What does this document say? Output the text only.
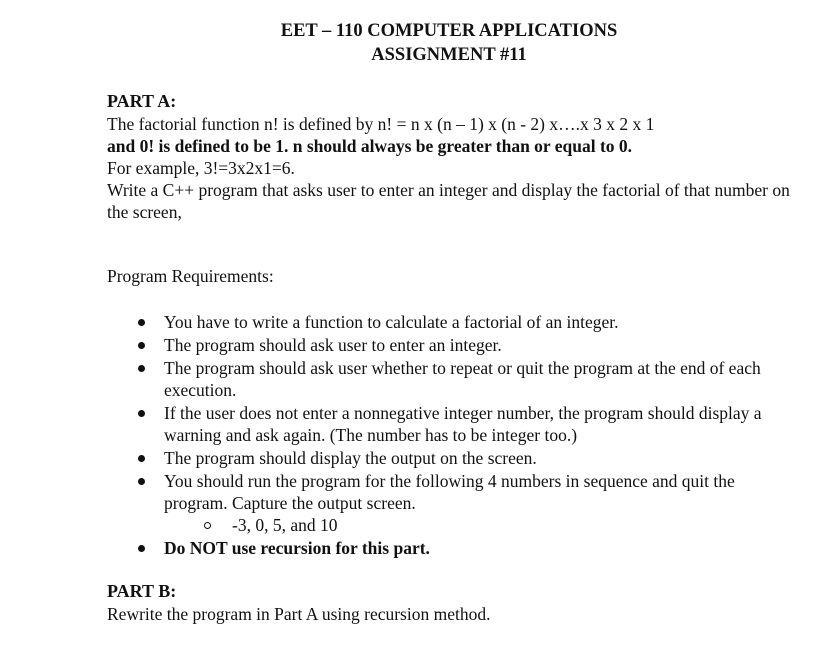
EET – 110 COMPUTER APPLICATIONS
ASSIGNMENT #11
PART A:

The factorial function n! is defined by n! = n x (n – 1) x (n - 2) x….x 3 x 2 x 1

and 0! is defined to be 1. n should always be greater than or equal to 0.

For example, 3!=3x2x1=6.

Write a C++ program that asks user to enter an integer and display the factorial of that number on the screen,

Program Requirements:
You have to write a function to calculate a factorial of an integer.
The program should ask user to enter an integer.
The program should ask user whether to repeat or quit the program at the end of each execution.
If the user does not enter a nonnegative integer number, the program should display a warning and ask again. (The number has to be integer too.)
The program should display the output on the screen.
You should run the program for the following 4 numbers in sequence and quit the program. Capture the output screen.
-3, 0, 5, and 10
Do NOT use recursion for this part.
PART B:
Rewrite the program in Part A using recursion method.
